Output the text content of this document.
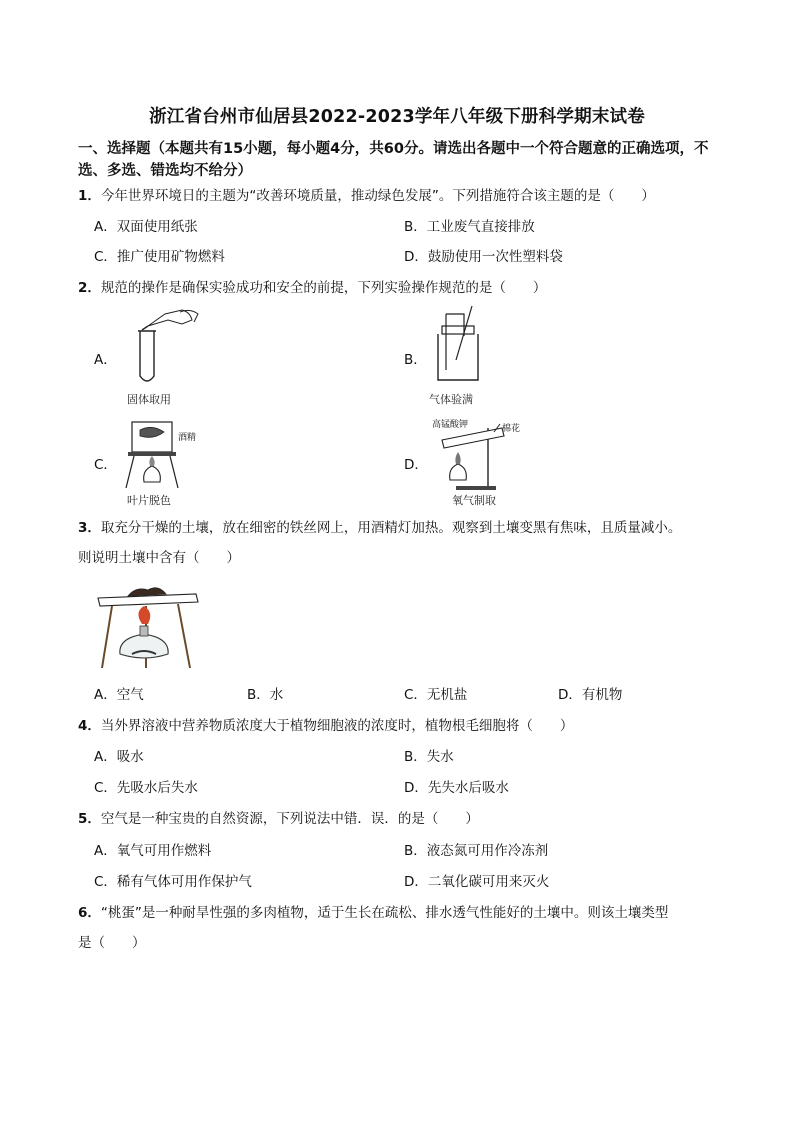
浙江省台州市仙居县2022-2023学年八年级下册科学期末试卷
一、选择题（本题共有15小题，每小题4分，共60分。请选出各题中一个符合题意的正确选项，不选、多选、错选均不给分）
1．今年世界环境日的主题为“改善环境质量，推动绿色发展”。下列措施符合该主题的是（　　）
A．双面使用纸张	B．工业废气直接排放
C．推广使用矿物燃料	D．鼓励使用一次性塑料袋
2．规范的操作是确保实验成功和安全的前提，下列实验操作规范的是（　　）
A．
固体取用
B．
气体验满
C．
酒精
叶片脱色
D．
高锰酸钾	棉花
氧气制取
3．取充分干燥的土壤，放在细密的铁丝网上，用酒精灯加热。观察到土壤变黑有焦味，且质量减小。
则说明土壤中含有（　　）
A．空气	B．水	C．无机盐	D．有机物
4．当外界溶液中营养物质浓度大于植物细胞液的浓度时，植物根毛细胞将（　　）
A．吸水	B．失水
C．先吸水后失水	D．先失水后吸水
5．空气是一种宝贵的自然资源，下列说法中错．误．的是（　　）
A．氧气可用作燃料	B．液态氮可用作冷冻剂
C．稀有气体可用作保护气	D．二氧化碳可用来灭火
6．“桃蛋”是一种耐旱性强的多肉植物，适于生长在疏松、排水透气性能好的土壤中。则该土壤类型
是（　　）
